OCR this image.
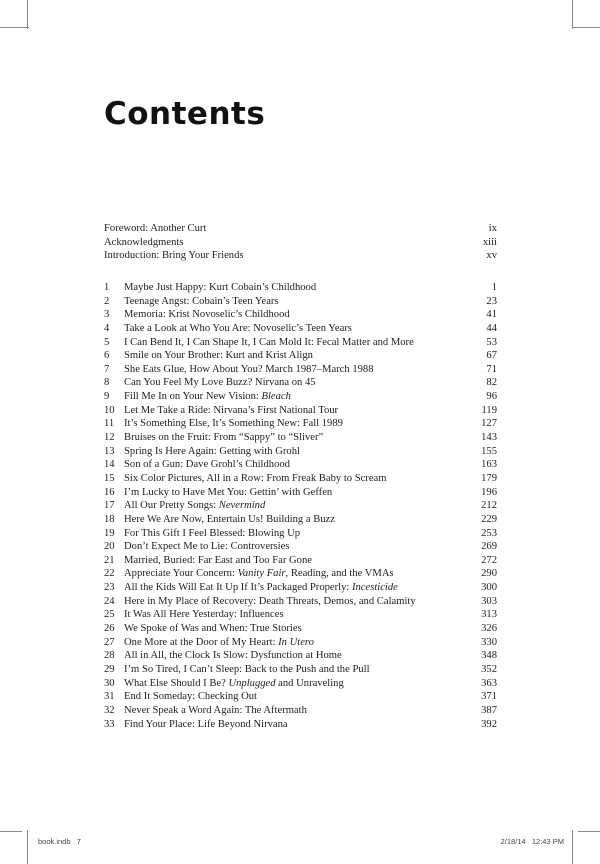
Contents
Foreword: Another Curt	ix
Acknowledgments	xiii
Introduction: Bring Your Friends	xv
1	Maybe Just Happy: Kurt Cobain’s Childhood	1
2	Teenage Angst: Cobain’s Teen Years	23
3	Memoria: Krist Novoselic’s Childhood	41
4	Take a Look at Who You Are: Novoselic’s Teen Years	44
5	I Can Bend It, I Can Shape It, I Can Mold It: Fecal Matter and More	53
6	Smile on Your Brother: Kurt and Krist Align	67
7	She Eats Glue, How About You? March 1987–March 1988	71
8	Can You Feel My Love Buzz? Nirvana on 45	82
9	Fill Me In on Your New Vision: Bleach	96
10 Let Me Take a Ride: Nirvana’s First National Tour	119
11 It’s Something Else, It’s Something New: Fall 1989	127
12 Bruises on the Fruit: From “Sappy” to “Sliver”	143
13 Spring Is Here Again: Getting with Grohl	155
14 Son of a Gun: Dave Grohl’s Childhood	163
15 Six Color Pictures, All in a Row: From Freak Baby to Scream	179
16 I’m Lucky to Have Met You: Gettin’ with Geffen	196
17 All Our Pretty Songs: Nevermind	212
18 Here We Are Now, Entertain Us! Building a Buzz	229
19 For This Gift I Feel Blessed: Blowing Up	253
20 Don’t Expect Me to Lie: Controversies	269
21 Married, Buried: Far East and Too Far Gone	272
22 Appreciate Your Concern: Vanity Fair, Reading, and the VMAs	290
23 All the Kids Will Eat It Up If It’s Packaged Properly: Incesticide	300
24 Here in My Place of Recovery: Death Threats, Demos, and Calamity	303
25 It Was All Here Yesterday: Influences	313
26 We Spoke of Was and When: True Stories	326
27 One More at the Door of My Heart: In Utero	330
28 All in All, the Clock Is Slow: Dysfunction at Home	348
29 I’m So Tired, I Can’t Sleep: Back to the Push and the Pull	352
30 What Else Should I Be? Unplugged and Unraveling	363
31 End It Someday: Checking Out	371
32 Never Speak a Word Again: The Aftermath	387
33 Find Your Place: Life Beyond Nirvana	392
book.indb   7	2/18/14   12:43 PM
